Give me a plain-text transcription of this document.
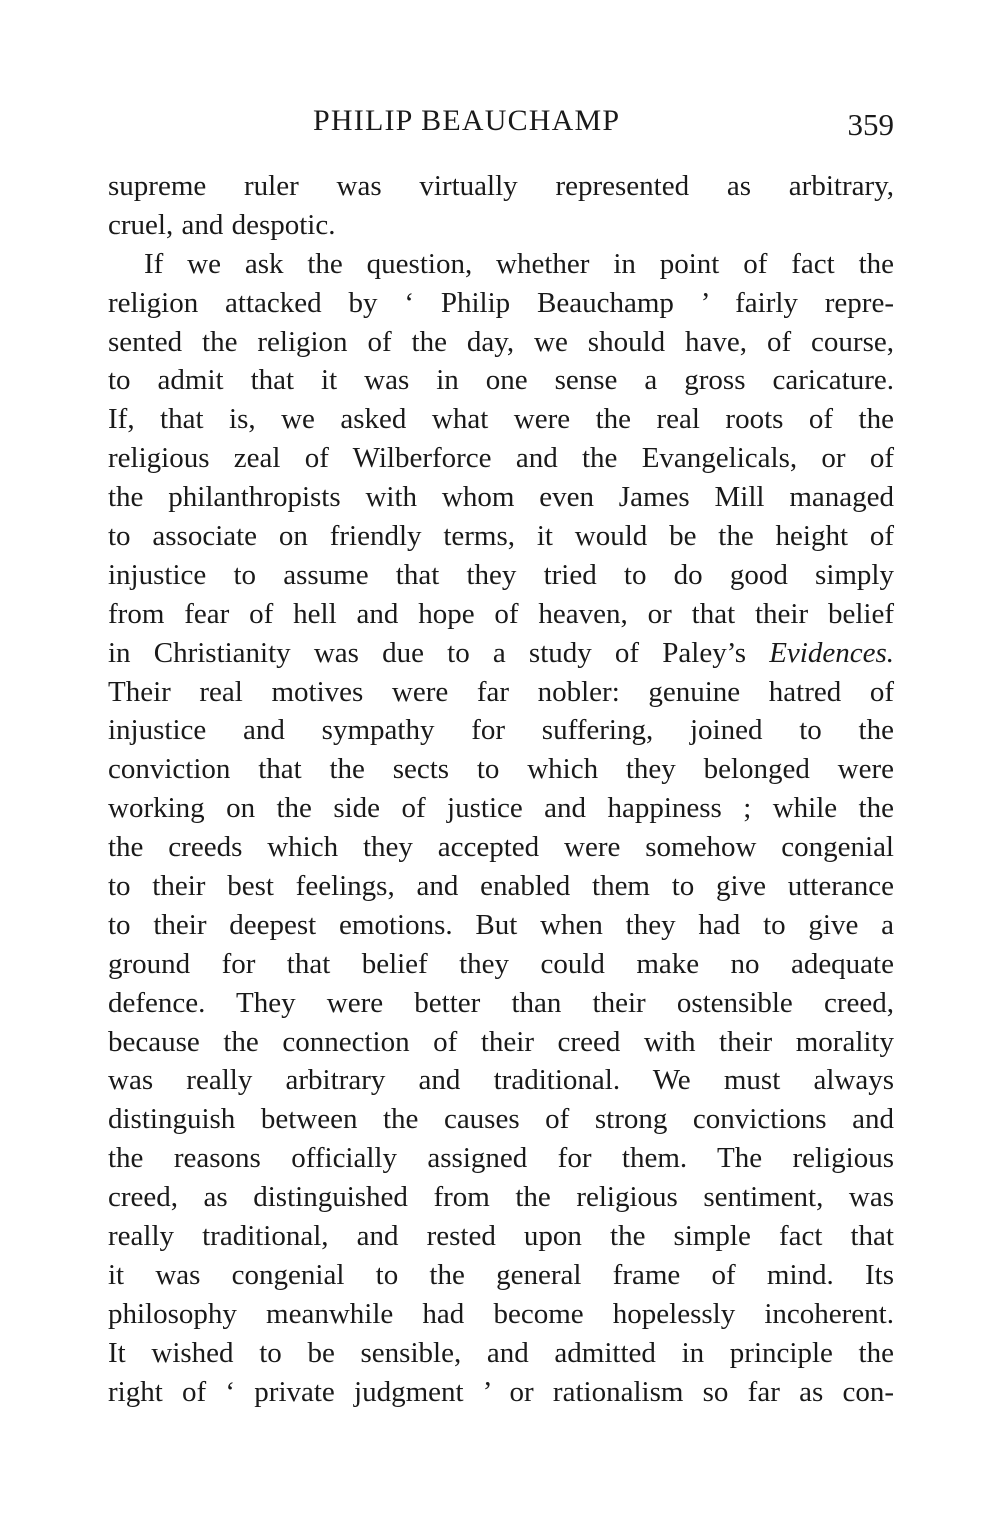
PHILIP BEAUCHAMP	359
supreme ruler was virtually represented as arbitrary,
cruel, and despotic.
If we ask the question, whether in point of fact the
religion attacked by ‘ Philip Beauchamp ’ fairly repre-
sented the religion of the day, we should have, of course,
to admit that it was in one sense a gross caricature.
If, that is, we asked what were the real roots of the
religious zeal of Wilberforce and the Evangelicals, or of
the philanthropists with whom even James Mill managed
to associate on friendly terms, it would be the height of
injustice to assume that they tried to do good simply
from fear of hell and hope of heaven, or that their belief
in Christianity was due to a study of Paley’s Evidences.
Their real motives were far nobler: genuine hatred of
injustice and sympathy for suffering, joined to the
conviction that the sects to which they belonged were
working on the side of justice and happiness ; while the
the creeds which they accepted were somehow congenial
to their best feelings, and enabled them to give utterance
to their deepest emotions. But when they had to give a
ground for that belief they could make no adequate
defence. They were better than their ostensible creed,
because the connection of their creed with their morality
was really arbitrary and traditional. We must always
distinguish between the causes of strong convictions and
the reasons officially assigned for them. The religious
creed, as distinguished from the religious sentiment, was
really traditional, and rested upon the simple fact that
it was congenial to the general frame of mind. Its
philosophy meanwhile had become hopelessly incoherent.
It wished to be sensible, and admitted in principle the
right of ‘ private judgment ’ or rationalism so far as con-
